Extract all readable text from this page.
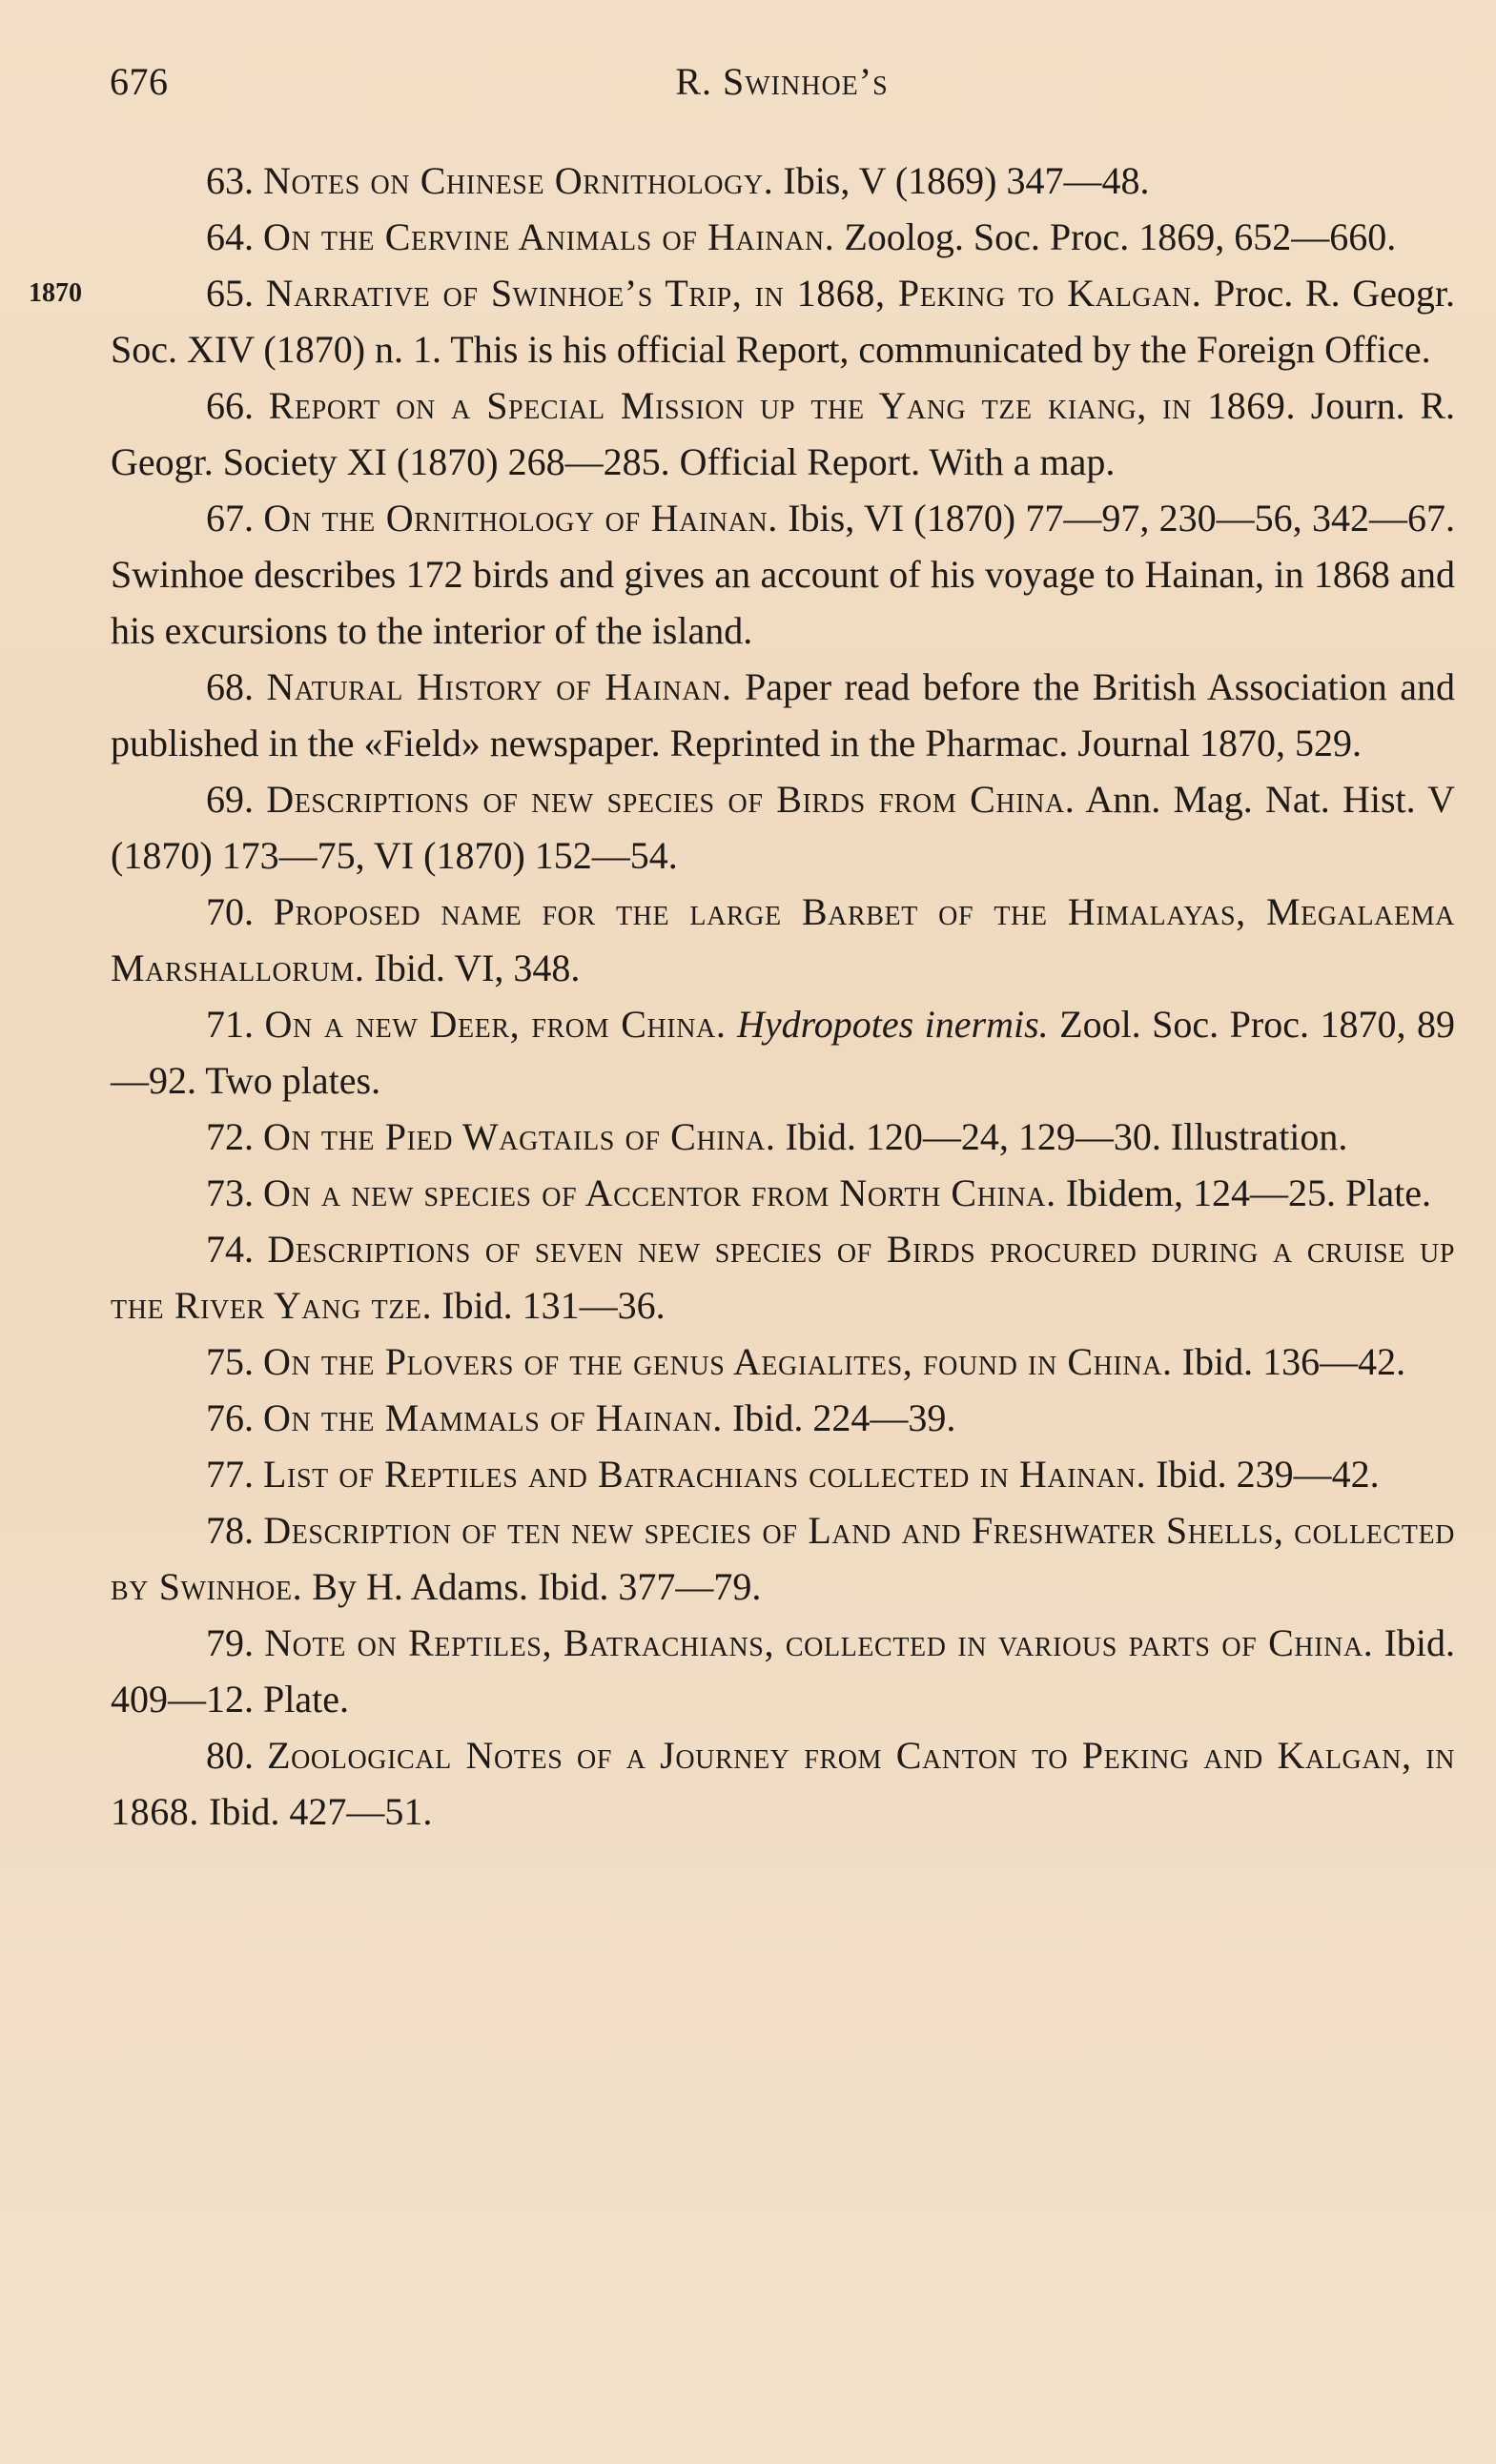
676	R. Swinhoe’s

63. Notes on Chinese Ornithology. Ibis, V (1869) 347—48.

64. On the Cervine Animals of Hainan. Zoolog. Soc. Proc. 1869, 652—660.

1870	65. Narrative of Swinhoe’s Trip, in 1868, Peking to Kalgan. Proc. R. Geogr. Soc. XIV (1870) n. 1. This is his official Report, communicated by the Foreign Office.

66. Report on a Special Mission up the Yang tze kiang, in 1869. Journ. R. Geogr. Society XI (1870) 268—285. Official Report. With a map.

67. On the Ornithology of Hainan. Ibis, VI (1870) 77—97, 230—56, 342—67. Swinhoe describes 172 birds and gives an account of his voyage to Hainan, in 1868 and his excursions to the interior of the island.

68. Natural History of Hainan. Paper read before the British Association and published in the «Field» newspaper. Reprinted in the Pharmac. Journal 1870, 529.

69. Descriptions of new species of Birds from China. Ann. Mag. Nat. Hist. V (1870) 173—75, VI (1870) 152—54.

70. Proposed name for the large Barbet of the Himalayas, Megalaema Marshallorum. Ibid. VI, 348.

71. On a new Deer, from China. Hydropotes inermis. Zool. Soc. Proc. 1870, 89—92. Two plates.

72. On the Pied Wagtails of China. Ibid. 120—24, 129—30. Illustration.

73. On a new species of Accentor from North China. Ibidem, 124—25. Plate.

74. Descriptions of seven new species of Birds procured during a cruise up the River Yang tze. Ibid. 131—36.

75. On the Plovers of the genus Aegialites, found in China. Ibid. 136—42.

76. On the Mammals of Hainan. Ibid. 224—39.

77. List of Reptiles and Batrachians collected in Hainan. Ibid. 239—42.

78. Description of ten new species of Land and Freshwater Shells, collected by Swinhoe. By H. Adams. Ibid. 377—79.

79. Note on Reptiles, Batrachians, collected in various parts of China. Ibid. 409—12. Plate.

80. Zoological Notes of a Journey from Canton to Peking and Kalgan, in 1868. Ibid. 427—51.
